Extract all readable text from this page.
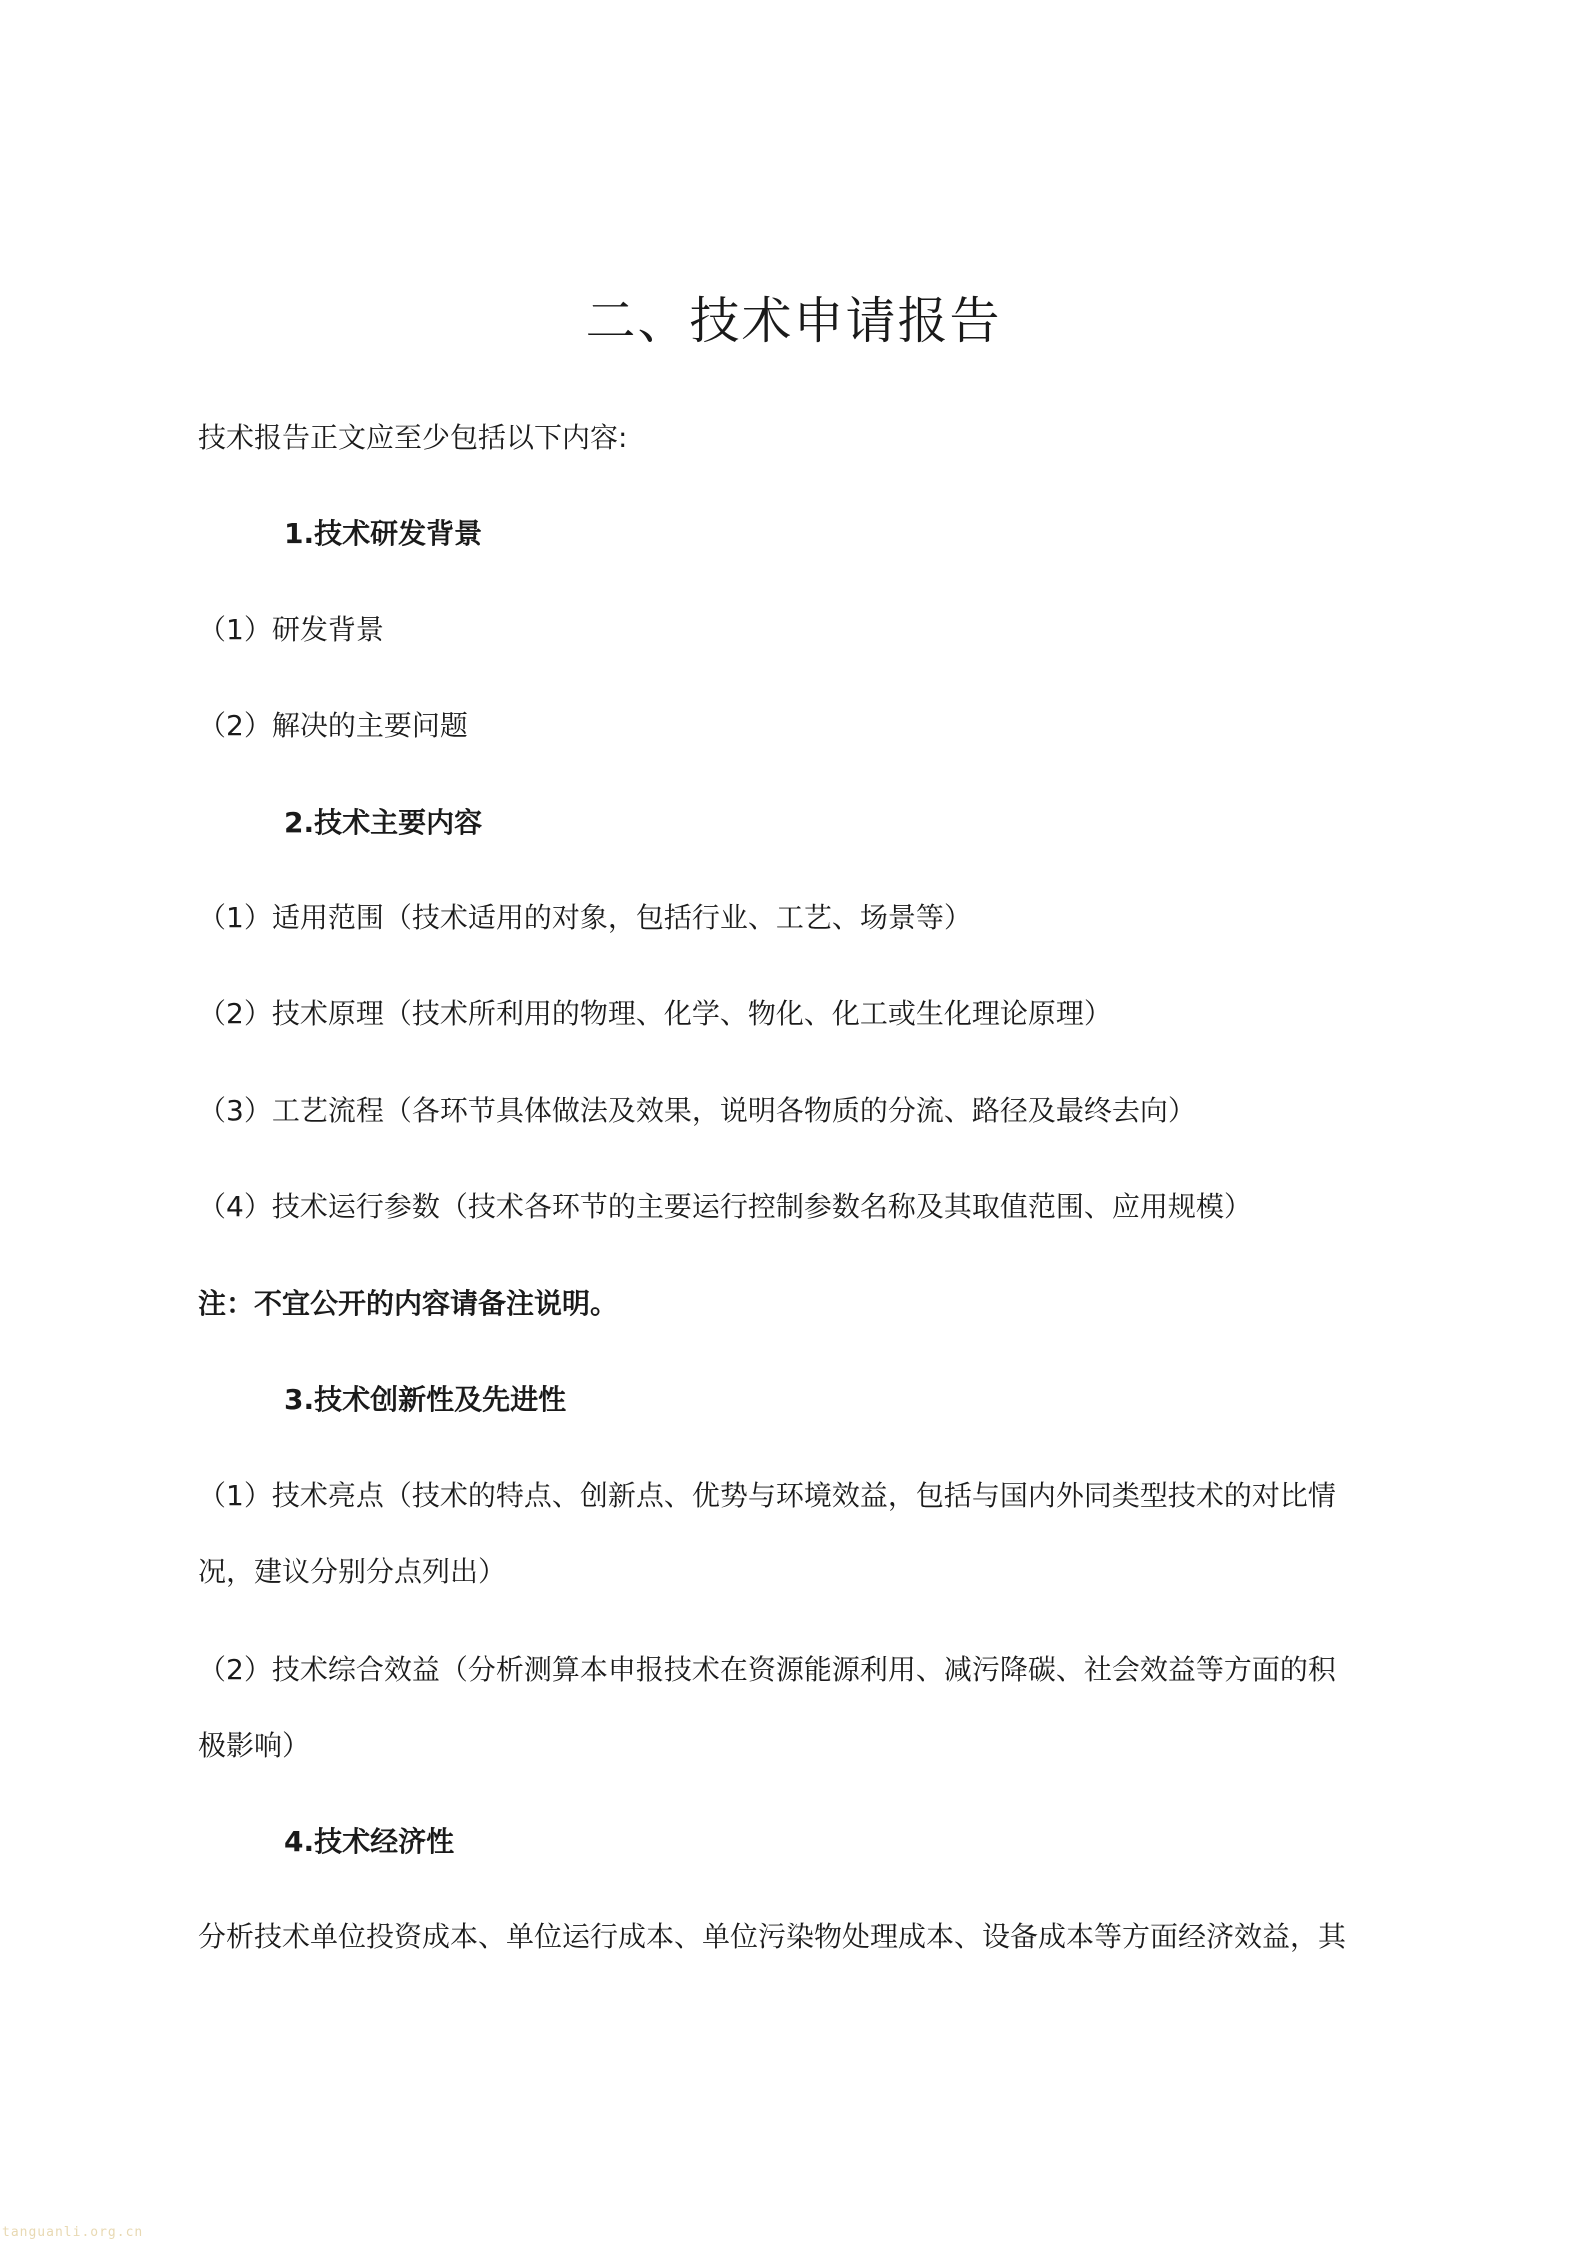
二、技术申请报告

技术报告正文应至少包括以下内容:

1.技术研发背景

（1）研发背景

（2）解决的主要问题

2.技术主要内容

（1）适用范围（技术适用的对象，包括行业、工艺、场景等）

（2）技术原理（技术所利用的物理、化学、物化、化工或生化理论原理）

（3）工艺流程（各环节具体做法及效果，说明各物质的分流、路径及最终去向）

（4）技术运行参数（技术各环节的主要运行控制参数名称及其取值范围、应用规模）

注：不宜公开的内容请备注说明。

3.技术创新性及先进性

（1）技术亮点（技术的特点、创新点、优势与环境效益，包括与国内外同类型技术的对比情

况，建议分别分点列出）

（2）技术综合效益（分析测算本申报技术在资源能源利用、减污降碳、社会效益等方面的积

极影响）

4.技术经济性

分析技术单位投资成本、单位运行成本、单位污染物处理成本、设备成本等方面经济效益，其

tanguanli.org.cn
